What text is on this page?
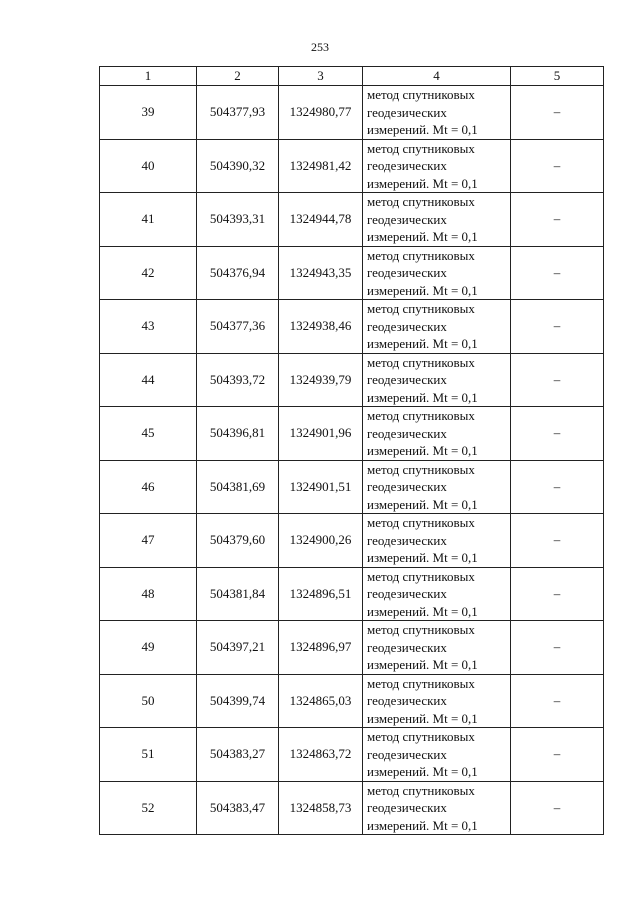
253
1	2	3	4	5
39	504377,93	1324980,77	метод спутниковых
геодезических
измерений. Mt = 0,1	–
40	504390,32	1324981,42	метод спутниковых
геодезических
измерений. Mt = 0,1	–
41	504393,31	1324944,78	метод спутниковых
геодезических
измерений. Mt = 0,1	–
42	504376,94	1324943,35	метод спутниковых
геодезических
измерений. Mt = 0,1	–
43	504377,36	1324938,46	метод спутниковых
геодезических
измерений. Mt = 0,1	–
44	504393,72	1324939,79	метод спутниковых
геодезических
измерений. Mt = 0,1	–
45	504396,81	1324901,96	метод спутниковых
геодезических
измерений. Mt = 0,1	–
46	504381,69	1324901,51	метод спутниковых
геодезических
измерений. Mt = 0,1	–
47	504379,60	1324900,26	метод спутниковых
геодезических
измерений. Mt = 0,1	–
48	504381,84	1324896,51	метод спутниковых
геодезических
измерений. Mt = 0,1	–
49	504397,21	1324896,97	метод спутниковых
геодезических
измерений. Mt = 0,1	–
50	504399,74	1324865,03	метод спутниковых
геодезических
измерений. Mt = 0,1	–
51	504383,27	1324863,72	метод спутниковых
геодезических
измерений. Mt = 0,1	–
52	504383,47	1324858,73	метод спутниковых
геодезических
измерений. Mt = 0,1	–
